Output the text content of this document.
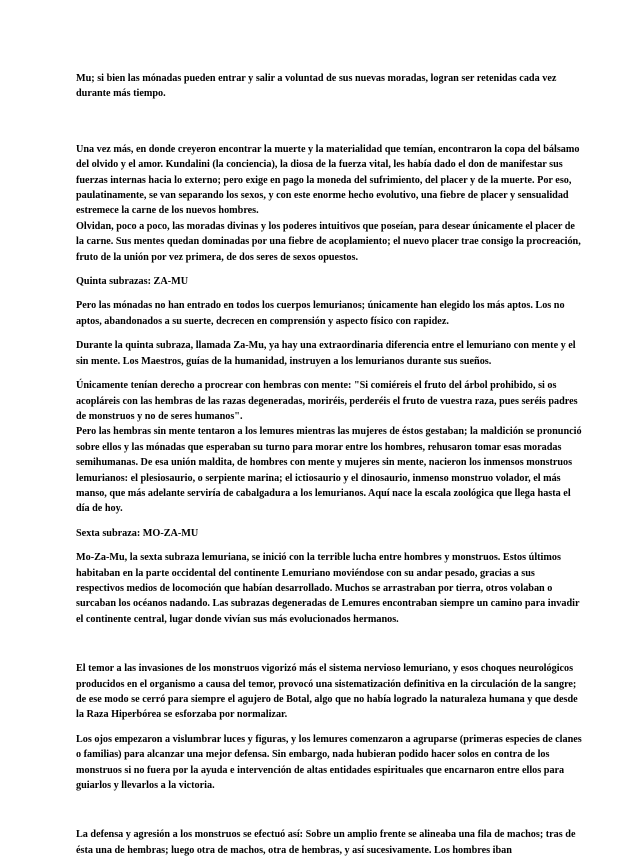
Mu; si bien las mónadas pueden entrar y salir a voluntad de sus nuevas moradas, logran ser retenidas cada vez durante más tiempo.

Una vez más, en donde creyeron encontrar la muerte y la materialidad que temían, encontraron la copa del bálsamo del olvido y el amor. Kundalini (la conciencia), la diosa de la fuerza vital, les había dado el don de manifestar sus fuerzas internas hacia lo externo; pero exige en pago la moneda del sufrimiento, del placer y de la muerte. Por eso, paulatinamente, se van separando los sexos, y con este enorme hecho evolutivo, una fiebre de placer y sensualidad estremece la carne de los nuevos hombres.

Olvidan, poco a poco, las moradas divinas y los poderes intuitivos que poseían, para desear únicamente el placer de la carne. Sus mentes quedan dominadas por una fiebre de acoplamiento; el nuevo placer trae consigo la procreación, fruto de la unión por vez primera, de dos seres de sexos opuestos.

Quinta subrazas: ZA-MU

Pero las mónadas no han entrado en todos los cuerpos lemurianos; únicamente han elegido los más aptos. Los no aptos, abandonados a su suerte, decrecen en comprensión y aspecto físico con rapidez.

Durante la quinta subraza, llamada Za-Mu, ya hay una extraordinaria diferencia entre el lemuriano con mente y el sin mente. Los Maestros, guías de la humanidad, instruyen a los lemurianos durante sus sueños.

Únicamente tenían derecho a procrear con hembras con mente: "Si comiéreis el fruto del árbol prohibido, si os acopláreis con las hembras de las razas degeneradas, moriréis, perderéis el fruto de vuestra raza, pues seréis padres de monstruos y no de seres humanos".

Pero las hembras sin mente tentaron a los lemures mientras las mujeres de éstos gestaban; la maldición se pronunció sobre ellos y las mónadas que esperaban su turno para morar entre los hombres, rehusaron tomar esas moradas semihumanas. De esa unión maldita, de hombres con mente y mujeres sin mente, nacieron los inmensos monstruos lemurianos: el plesiosaurio, o serpiente marina; el ictiosaurio y el dinosaurio, inmenso monstruo volador, el más manso, que más adelante serviría de cabalgadura a los lemurianos. Aquí nace la escala zoológica que llega hasta el día de hoy.

Sexta subraza: MO-ZA-MU

Mo-Za-Mu, la sexta subraza lemuriana, se inició con la terrible lucha entre hombres y monstruos. Estos últimos habitaban en la parte occidental del continente Lemuriano moviéndose con su andar pesado, gracias a sus respectivos medios de locomoción que habían desarrollado. Muchos se arrastraban por tierra, otros volaban o surcaban los océanos nadando. Las subrazas degeneradas de Lemures encontraban siempre un camino para invadir el continente central, lugar donde vivían sus más evolucionados hermanos.

El temor a las invasiones de los monstruos vigorizó más el sistema nervioso lemuriano, y esos choques neurológicos producidos en el organismo a causa del temor, provocó una sistematización definitiva en la circulación de la sangre; de ese modo se cerró para siempre el agujero de Botal, algo que no había logrado la naturaleza humana y que desde la Raza Hiperbórea se esforzaba por normalizar.

Los ojos empezaron a vislumbrar luces y figuras, y los lemures comenzaron a agruparse (primeras especies de clanes o familias) para alcanzar una mejor defensa. Sin embargo, nada hubieran podido hacer solos en contra de los monstruos si no fuera por la ayuda e intervención de altas entidades espirituales que encarnaron entre ellos para guiarlos y llevarlos a la victoria.

La defensa y agresión a los monstruos se efectuó así: Sobre un amplio frente se alineaba una fila de machos; tras de ésta una de hembras; luego otra de machos, otra de hembras, y así sucesivamente. Los hombres iban
